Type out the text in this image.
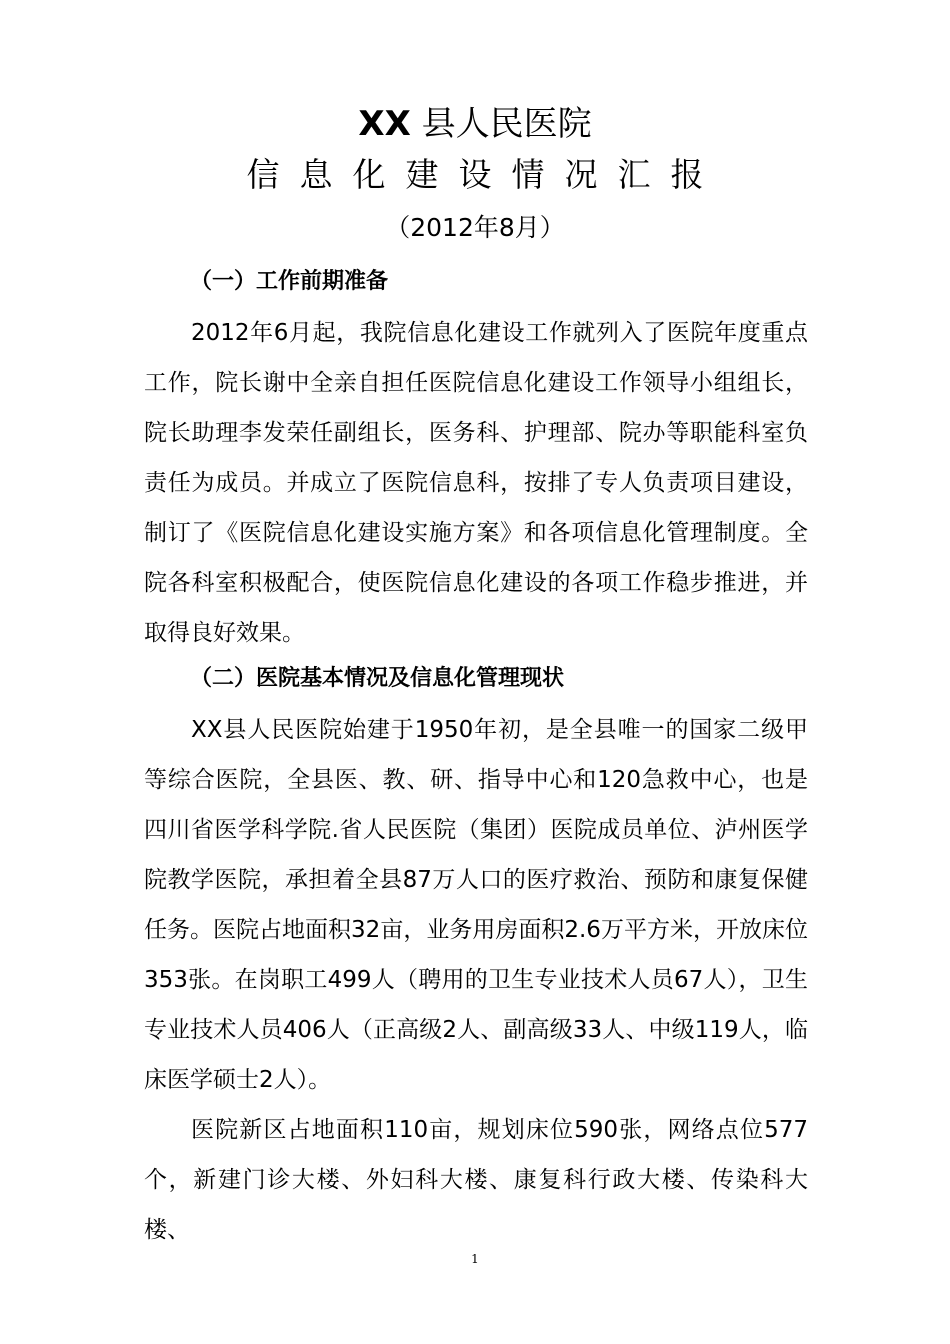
XX 县人民医院
信息化建设情况汇报
（2012年8月）
（一）工作前期准备

2012年6月起，我院信息化建设工作就列入了医院年度重点工作，院长谢中全亲自担任医院信息化建设工作领导小组组长，院长助理李发荣任副组长，医务科、护理部、院办等职能科室负责任为成员。并成立了医院信息科，按排了专人负责项目建设，制订了《医院信息化建设实施方案》和各项信息化管理制度。全院各科室积极配合，使医院信息化建设的各项工作稳步推进，并取得良好效果。

（二）医院基本情况及信息化管理现状

XX县人民医院始建于1950年初，是全县唯一的国家二级甲等综合医院，全县医、教、研、指导中心和120急救中心，也是四川省医学科学院.省人民医院（集团）医院成员单位、泸州医学院教学医院，承担着全县87万人口的医疗救治、预防和康复保健任务。医院占地面积32亩，业务用房面积2.6万平方米，开放床位353张。在岗职工499人（聘用的卫生专业技术人员67人），卫生专业技术人员406人（正高级2人、副高级33人、中级119人，临床医学硕士2人）。

医院新区占地面积110亩，规划床位590张，网络点位577个，新建门诊大楼、外妇科大楼、康复科行政大楼、传染科大楼、

1
